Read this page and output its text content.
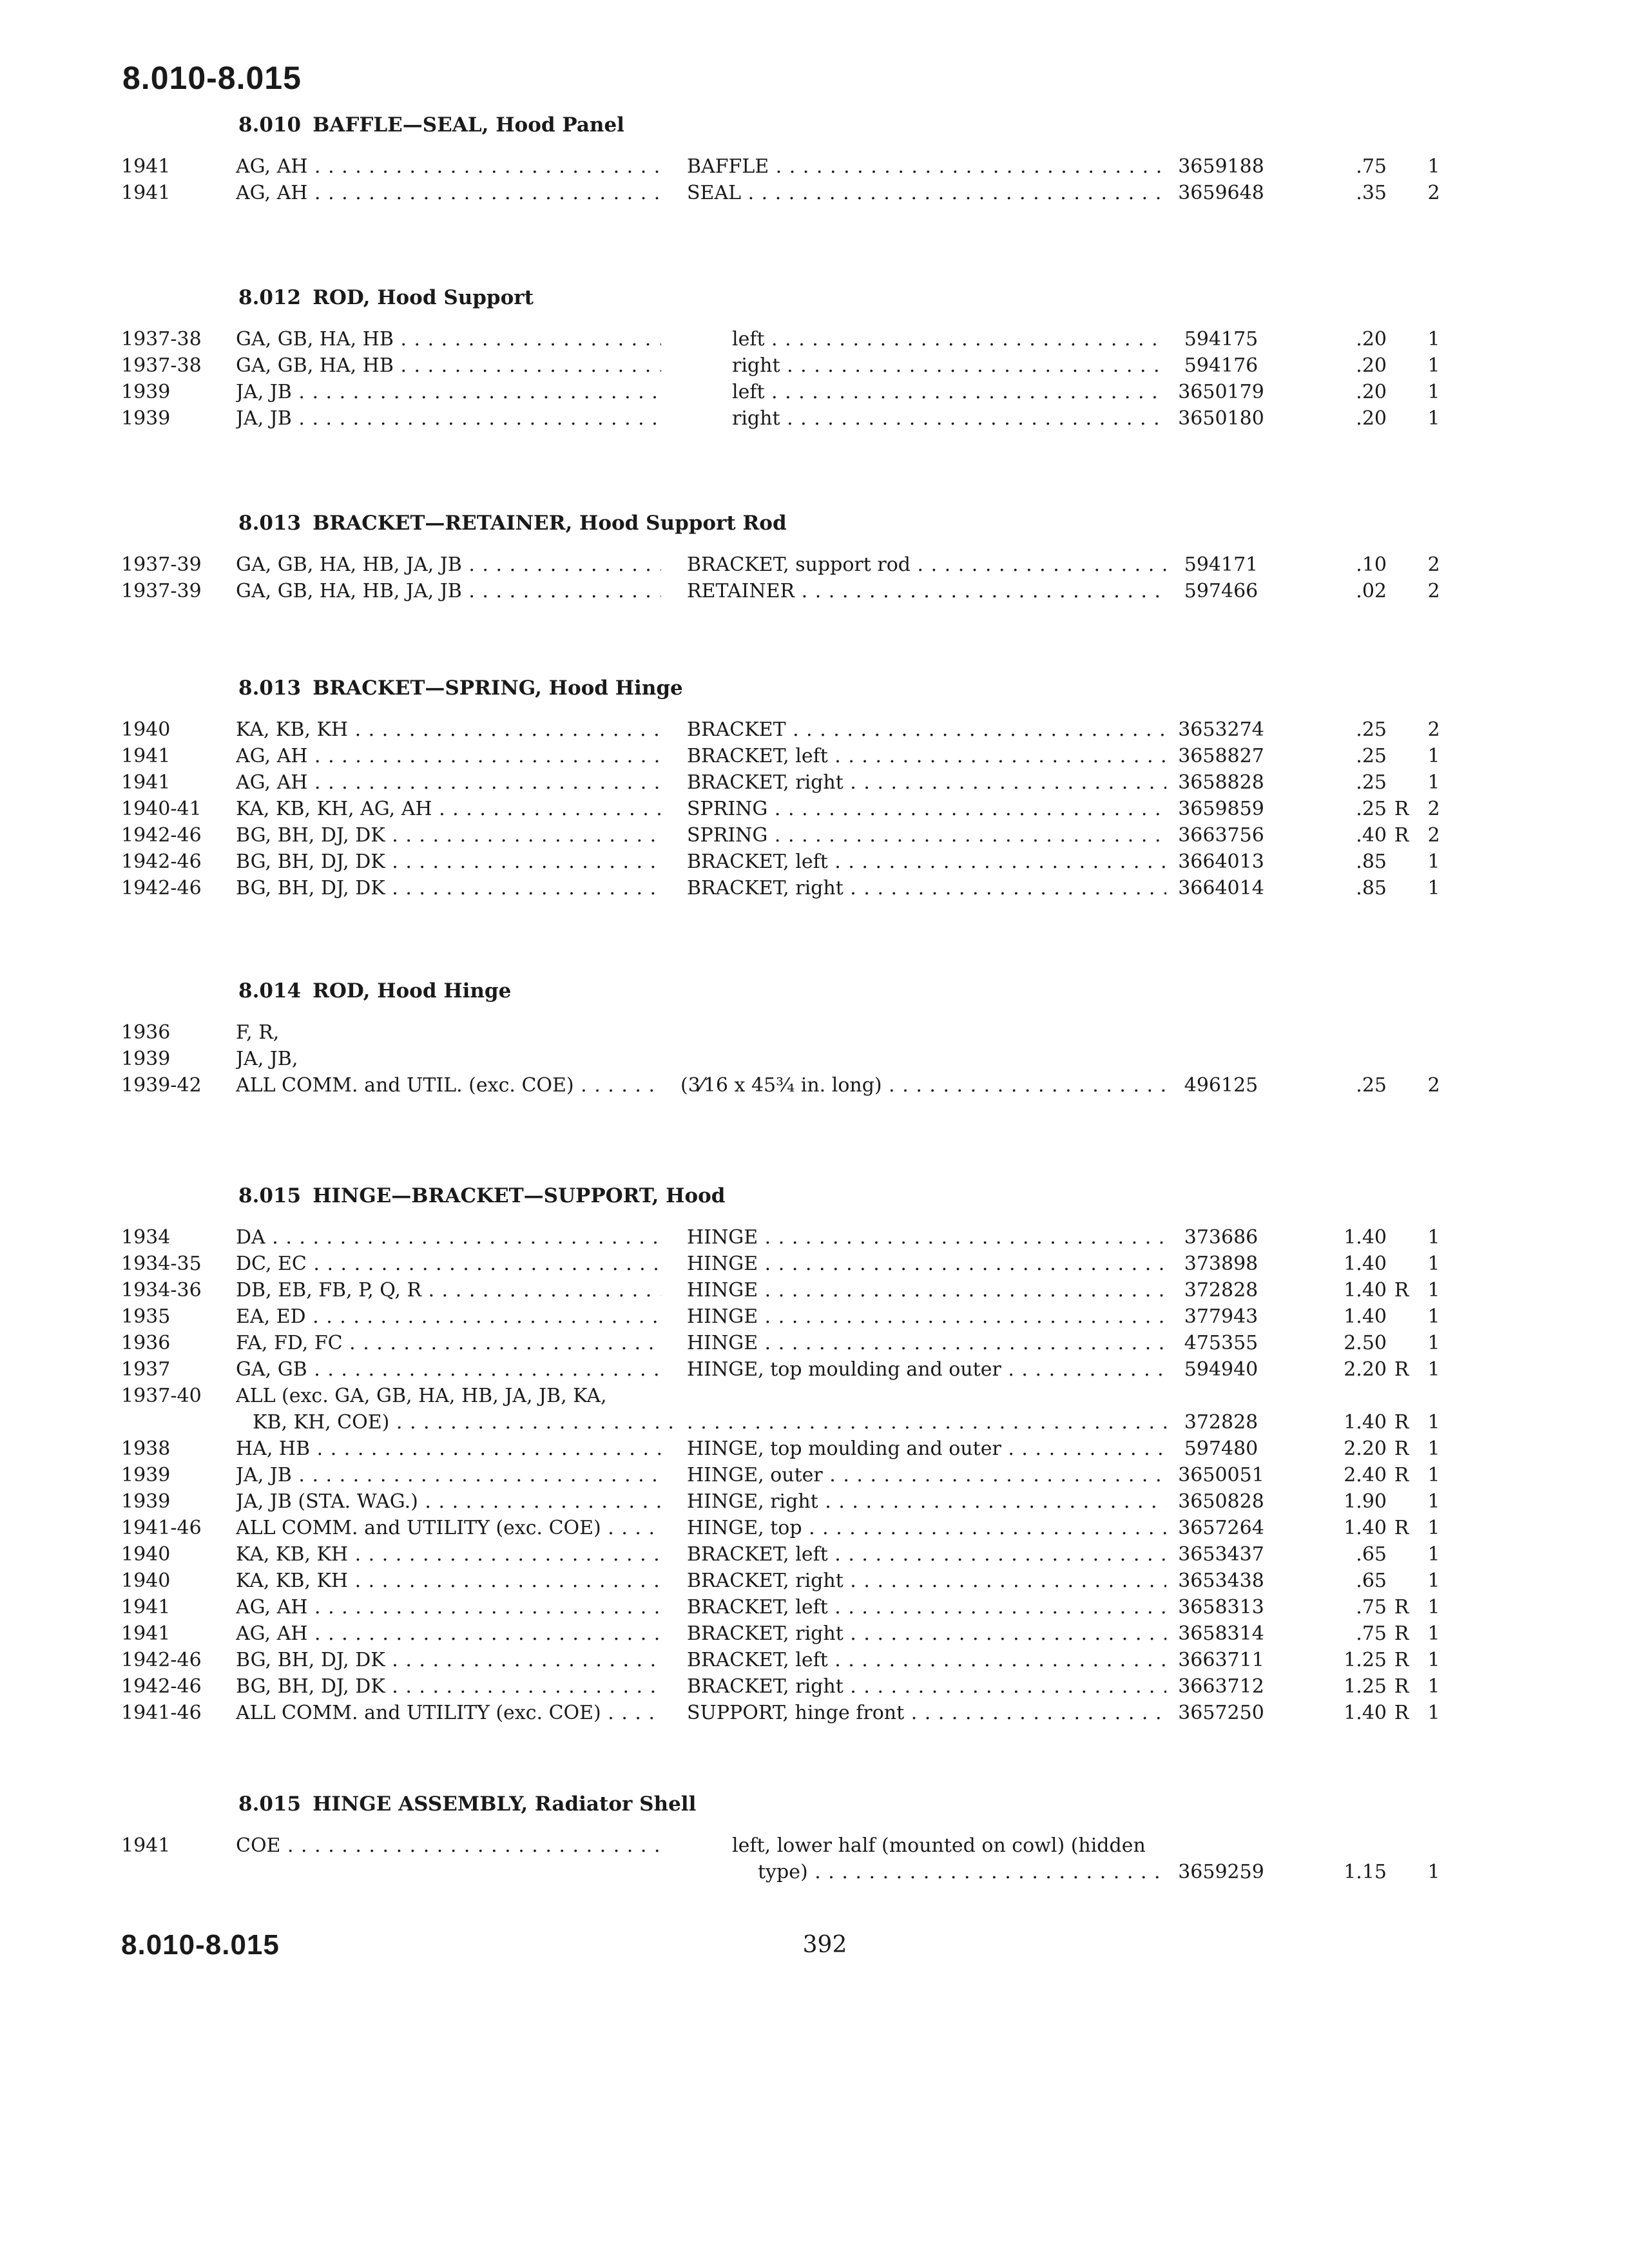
8.010-8.015
8.010 BAFFLE—SEAL, Hood Panel
1941	AG, AH . . .	BAFFLE . . .	3659188	.75	1
1941	AG, AH . . .	SEAL . . .	3659648	.35	2
8.012 ROD, Hood Support
1937-38	GA, GB, HA, HB . . .	left . . .	594175	.20	1
1937-38	GA, GB, HA, HB . . .	right . . .	594176	.20	1
1939	JA, JB . . .	left . . .	3650179	.20	1
1939	JA, JB . . .	right . . .	3650180	.20	1
8.013 BRACKET—RETAINER, Hood Support Rod
1937-39	GA, GB, HA, HB, JA, JB . . .	BRACKET, support rod . . .	594171	.10	2
1937-39	GA, GB, HA, HB, JA, JB . . .	RETAINER . . .	597466	.02	2
8.013 BRACKET—SPRING, Hood Hinge
1940	KA, KB, KH . . .	BRACKET . . .	3653274	.25	2
1941	AG, AH . . .	BRACKET, left . . .	3658827	.25	1
1941	AG, AH . . .	BRACKET, right . . .	3658828	.25	1
1940-41	KA, KB, KH, AG, AH . . .	SPRING . . .	3659859	.25 R 2
1942-46	BG, BH, DJ, DK . . .	SPRING . . .	3663756	.40 R 2
1942-46	BG, BH, DJ, DK . . .	BRACKET, left . . .	3664013	.85	1
1942-46	BG, BH, DJ, DK . . .	BRACKET, right . . .	3664014	.85	1
8.014 ROD, Hood Hinge
1936	F, R,
1939	JA, JB,
1939-42	ALL COMM. and UTIL. (exc. COE) . . .	(3⁄16 x 45¾ in. long) . . .	496125	.25	2
8.015 HINGE—BRACKET—SUPPORT, Hood
1934	DA . . .	HINGE . . .	373686	1.40	1
1934-35	DC, EC . . .	HINGE . . .	373898	1.40	1
1934-36	DB, EB, FB, P, Q, R . . .	HINGE . . .	372828	1.40 R 1
1935	EA, ED . . .	HINGE . . .	377943	1.40	1
1936	FA, FD, FC . . .	HINGE . . .	475355	2.50	1
1937	GA, GB . . .	HINGE, top moulding and outer . . .	594940	2.20 R 1
1937-40	ALL (exc. GA, GB, HA, HB, JA, JB, KA,
KB, KH, COE) . . .
. . .	372828	1.40 R 1
1938	HA, HB . . .	HINGE, top moulding and outer . . .	597480	2.20 R 1
1939	JA, JB . . .	HINGE, outer . . .	3650051	2.40 R 1
1939	JA, JB (STA. WAG.) . . .	HINGE, right . . .	3650828	1.90	1
1941-46	ALL COMM. and UTILITY (exc. COE) . . .	HINGE, top . . .	3657264	1.40 R 1
1940	KA, KB, KH . . .	BRACKET, left . . .	3653437	.65	1
1940	KA, KB, KH . . .	BRACKET, right . . .	3653438	.65	1
1941	AG, AH . . .	BRACKET, left . . .	3658313	.75 R 1
1941	AG, AH . . .	BRACKET, right . . .	3658314	.75 R 1
1942-46	BG, BH, DJ, DK . . .	BRACKET, left . . .	3663711	1.25 R 1
1942-46	BG, BH, DJ, DK . . .	BRACKET, right . . .	3663712	1.25 R 1
1941-46	ALL COMM. and UTILITY (exc. COE) . . .	SUPPORT, hinge front . . .	3657250	1.40 R 1
8.015 HINGE ASSEMBLY, Radiator Shell
1941	COE . . .	left, lower half (mounted on cowl) (hidden
type) . . .	3659259	1.15	1
8.010-8.015	392
